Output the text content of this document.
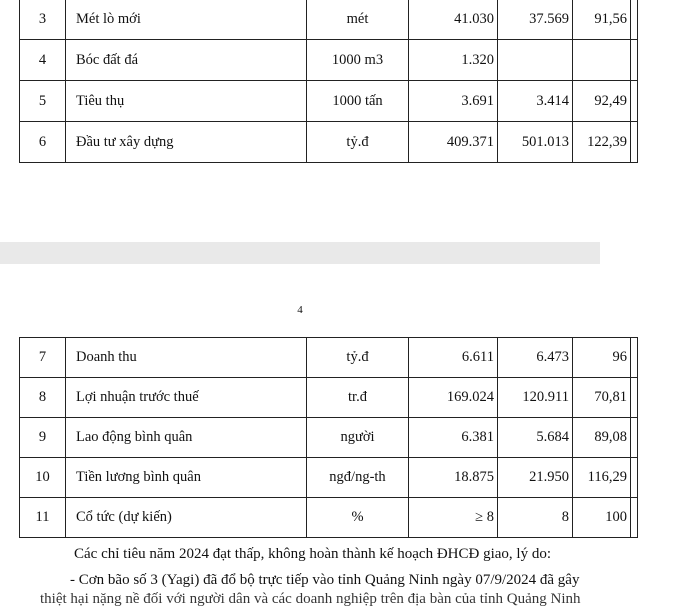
3	Mét lò mới	mét	41.030	37.569	91,56	
4	Bóc đất đá	1000 m3	1.320			
5	Tiêu thụ	1000 tấn	3.691	3.414	92,49	
6	Đầu tư xây dựng	tỷ.đ	409.371	501.013	122,39	
4
7	Doanh thu	tỷ.đ	6.611	6.473	96	
8	Lợi nhuận trước thuế	tr.đ	169.024	120.911	70,81	
9	Lao động bình quân	người	6.381	5.684	89,08	
10	Tiền lương bình quân	ngđ/ng-th	18.875	21.950	116,29	
11	Cổ tức (dự kiến)	%	≥ 8	8	100	
Các chỉ tiêu năm 2024 đạt thấp, không hoàn thành kế hoạch ĐHCĐ giao, lý do:
- Cơn bão số 3 (Yagi) đã đổ bộ trực tiếp vào tỉnh Quảng Ninh ngày 07/9/2024 đã gây
thiệt hại nặng nề đối với người dân và các doanh nghiệp trên địa bàn của tỉnh Quảng Ninh
